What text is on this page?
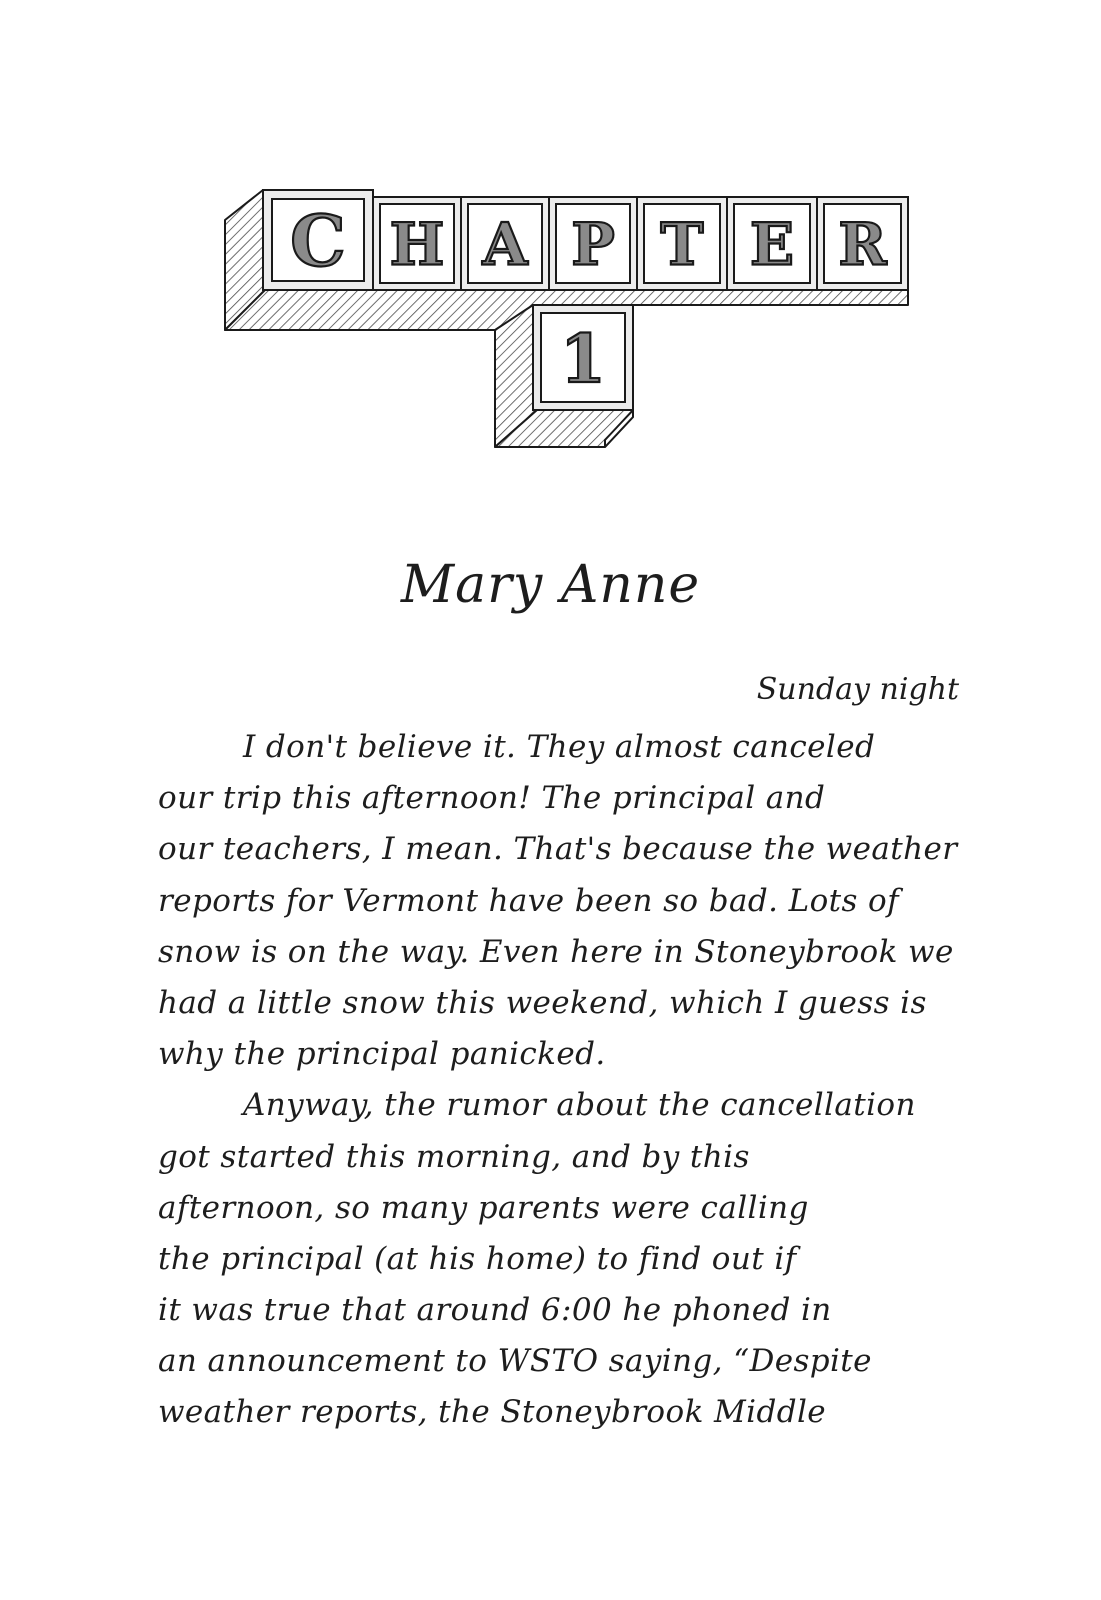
C H A P T E R
1
Mary Anne
Sunday night
I don't believe it. They almost canceled
our trip this afternoon! The principal and
our teachers, I mean. That's because the weather
reports for Vermont have been so bad. Lots of
snow is on the way. Even here in Stoneybrook we
had a little snow this weekend, which I guess is
why the principal panicked.
Anyway, the rumor about the cancellation
got started this morning, and by this
afternoon, so many parents were calling
the principal (at his home) to find out if
it was true that around 6:00 he phoned in
an announcement to WSTO saying, “Despite
weather reports, the Stoneybrook Middle
